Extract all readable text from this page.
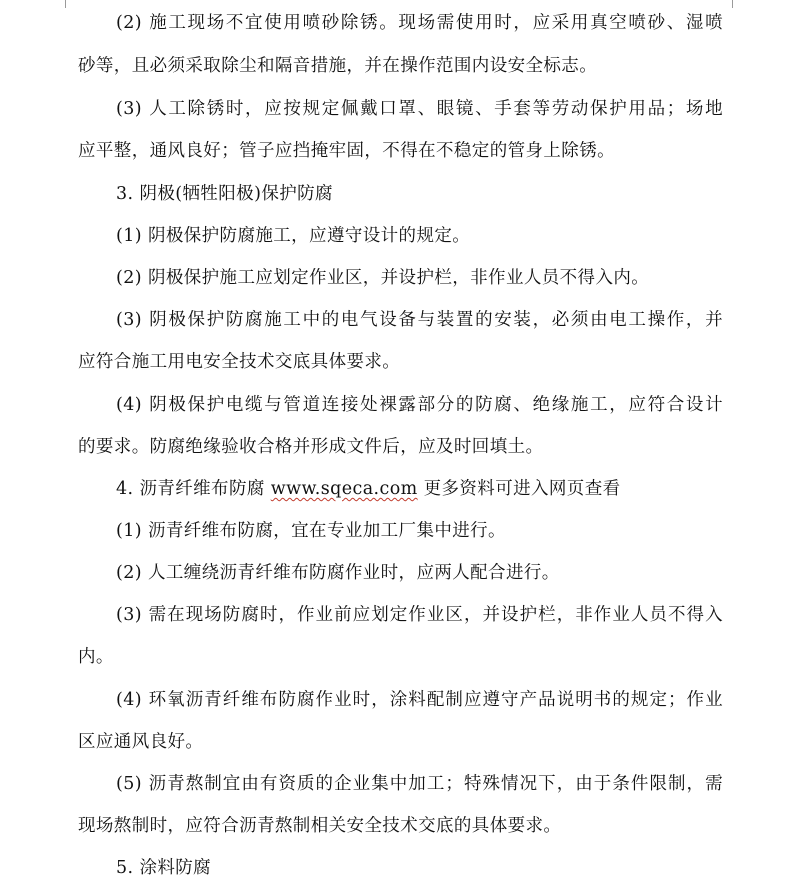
(2) 施工现场不宜使用喷砂除锈。现场需使用时，应采用真空喷砂、湿喷
砂等，且必须采取除尘和隔音措施，并在操作范围内设安全标志。
(3) 人工除锈时，应按规定佩戴口罩、眼镜、手套等劳动保护用品；场地
应平整，通风良好；管子应挡掩牢固，不得在不稳定的管身上除锈。
3. 阴极(牺牲阳极)保护防腐
(1) 阴极保护防腐施工，应遵守设计的规定。
(2) 阴极保护施工应划定作业区，并设护栏，非作业人员不得入内。
(3) 阴极保护防腐施工中的电气设备与装置的安装，必须由电工操作，并
应符合施工用电安全技术交底具体要求。
(4) 阴极保护电缆与管道连接处裸露部分的防腐、绝缘施工，应符合设计
的要求。防腐绝缘验收合格并形成文件后，应及时回填土。
4. 沥青纤维布防腐 www.sqeca.com 更多资料可进入网页查看
(1) 沥青纤维布防腐，宜在专业加工厂集中进行。
(2) 人工缠绕沥青纤维布防腐作业时，应两人配合进行。
(3) 需在现场防腐时，作业前应划定作业区，并设护栏，非作业人员不得入
内。
(4) 环氧沥青纤维布防腐作业时，涂料配制应遵守产品说明书的规定；作业
区应通风良好。
(5) 沥青熬制宜由有资质的企业集中加工；特殊情况下，由于条件限制，需
现场熬制时，应符合沥青熬制相关安全技术交底的具体要求。
5. 涂料防腐
